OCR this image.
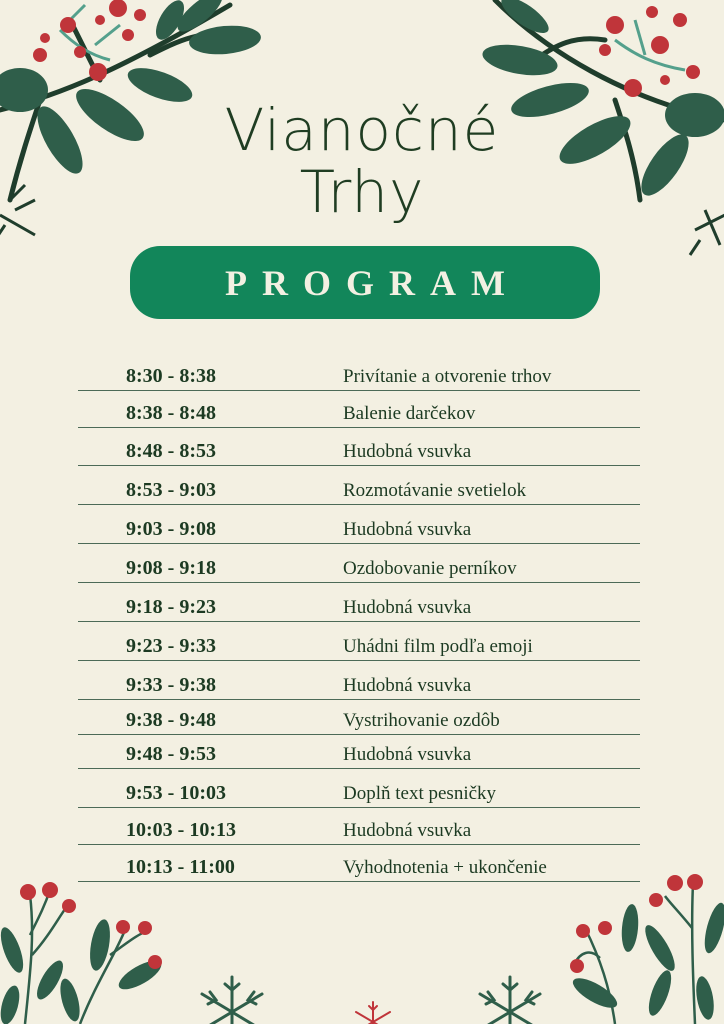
Vianočné
Trhy
PROGRAM
8:30 - 8:38	Privítanie a otvorenie trhov
8:38 - 8:48	Balenie darčekov
8:48 - 8:53	Hudobná vsuvka
8:53 - 9:03	Rozmotávanie svetielok
9:03 - 9:08	Hudobná vsuvka
9:08 - 9:18	Ozdobovanie perníkov
9:18 - 9:23	Hudobná vsuvka
9:23 - 9:33	Uhádni film podľa emoji
9:33 - 9:38	Hudobná vsuvka
9:38 - 9:48	Vystrihovanie ozdôb
9:48 - 9:53	Hudobná vsuvka
9:53 - 10:03	Doplň text pesničky
10:03 - 10:13	Hudobná vsuvka
10:13 - 11:00	Vyhodnotenia + ukončenie
